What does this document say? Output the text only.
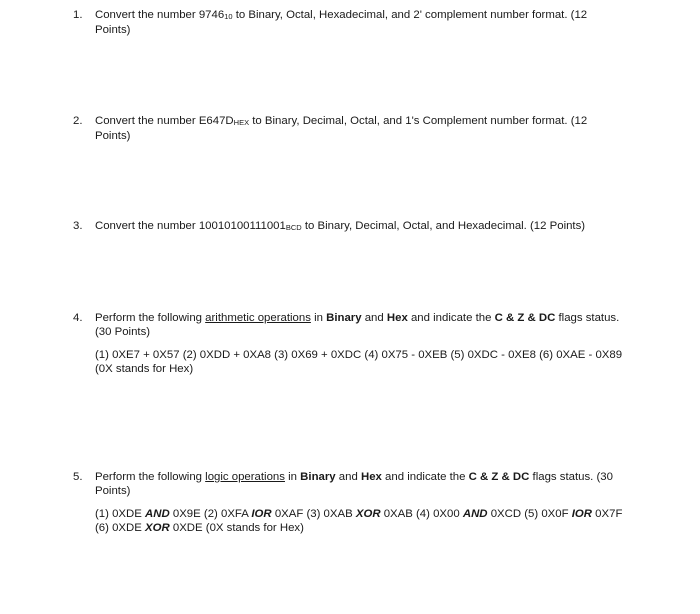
1.	Convert the number 974610 to Binary, Octal, Hexadecimal, and 2' complement number format. (12
Points)
2.	Convert the number E647DHEX to Binary, Decimal, Octal, and 1's Complement number format. (12
Points)
3.	Convert the number 10010100111001BCD to Binary, Decimal, Octal, and Hexadecimal. (12 Points)
4.	Perform the following arithmetic operations in Binary and Hex and indicate the C & Z & DC flags status.
(30 Points)
(1) 0XE7 + 0X57 (2) 0XDD + 0XA8 (3) 0X69 + 0XDC (4) 0X75 - 0XEB (5) 0XDC - 0XE8 (6) 0XAE - 0X89
(0X stands for Hex)
5.	Perform the following logic operations in Binary and Hex and indicate the C & Z & DC flags status. (30
Points)
(1) 0XDE AND 0X9E (2) 0XFA IOR 0XAF (3) 0XAB XOR 0XAB (4) 0X00 AND 0XCD (5) 0X0F IOR 0X7F
(6) 0XDE XOR 0XDE (0X stands for Hex)
